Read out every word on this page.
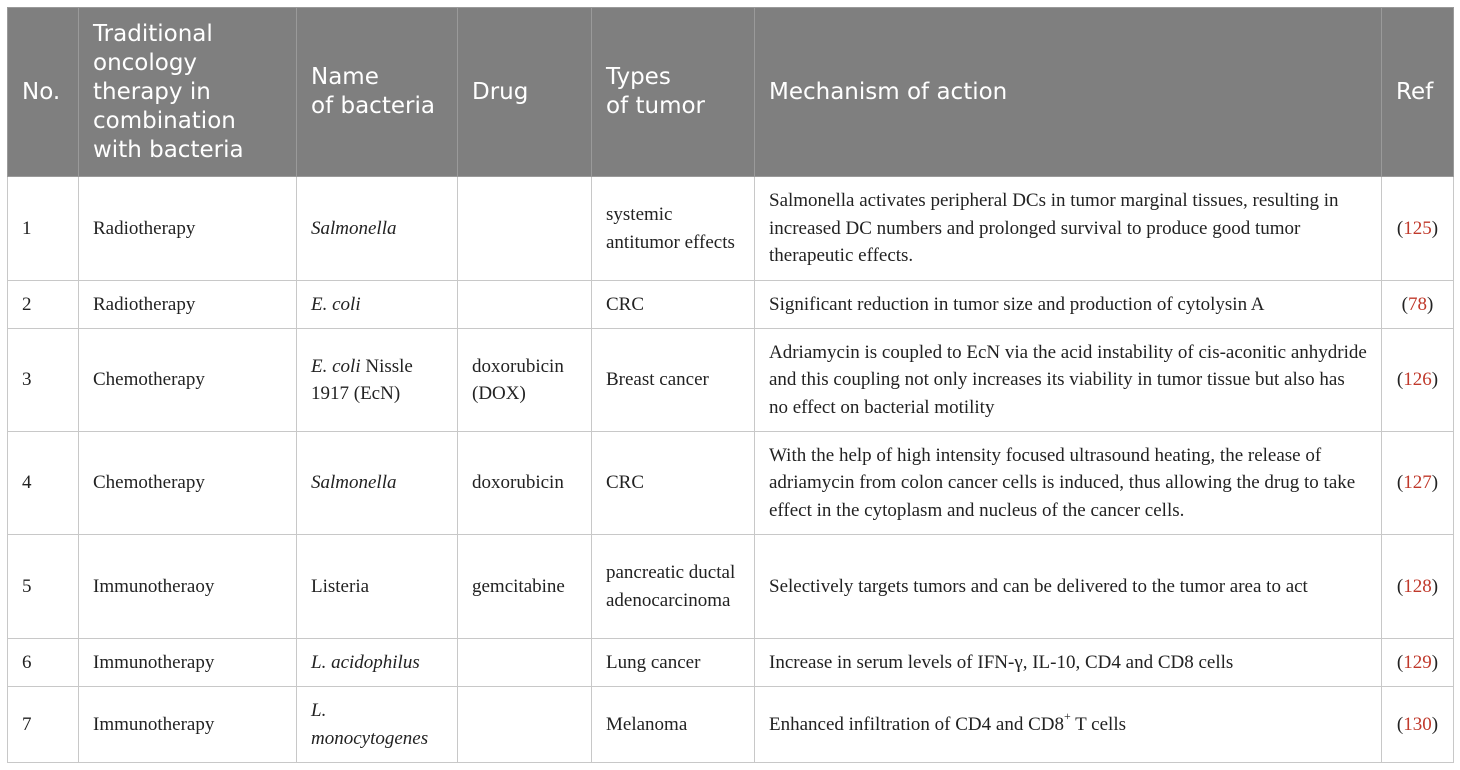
No.	Traditional
oncology
therapy in
combination
with bacteria	Name
of bacteria	Drug	Types
of tumor	Mechanism of action	Ref
1	Radiotherapy	Salmonella		systemic antitumor effects	Salmonella activates peripheral DCs in tumor marginal tissues, resulting in increased DC numbers and prolonged survival to produce good tumor therapeutic effects.	(125)
2	Radiotherapy	E. coli		CRC	Significant reduction in tumor size and production of cytolysin A	(78)
3	Chemotherapy	E. coli Nissle 1917 (EcN)	doxorubicin (DOX)	Breast cancer	Adriamycin is coupled to EcN via the acid instability of cis-aconitic anhydride and this coupling not only increases its viability in tumor tissue but also has no effect on bacterial motility	(126)
4	Chemotherapy	Salmonella	doxorubicin	CRC	With the help of high intensity focused ultrasound heating, the release of adriamycin from colon cancer cells is induced, thus allowing the drug to take effect in the cytoplasm and nucleus of the cancer cells.	(127)
5	Immunotheraoy	Listeria	gemcitabine	pancreatic ductal adenocarcinoma	Selectively targets tumors and can be delivered to the tumor area to act	(128)
6	Immunotherapy	L. acidophilus		Lung cancer	Increase in serum levels of IFN-γ, IL-10, CD4 and CD8 cells	(129)
7	Immunotherapy	L. monocytogenes		Melanoma	Enhanced infiltration of CD4 and CD8+ T cells	(130)
